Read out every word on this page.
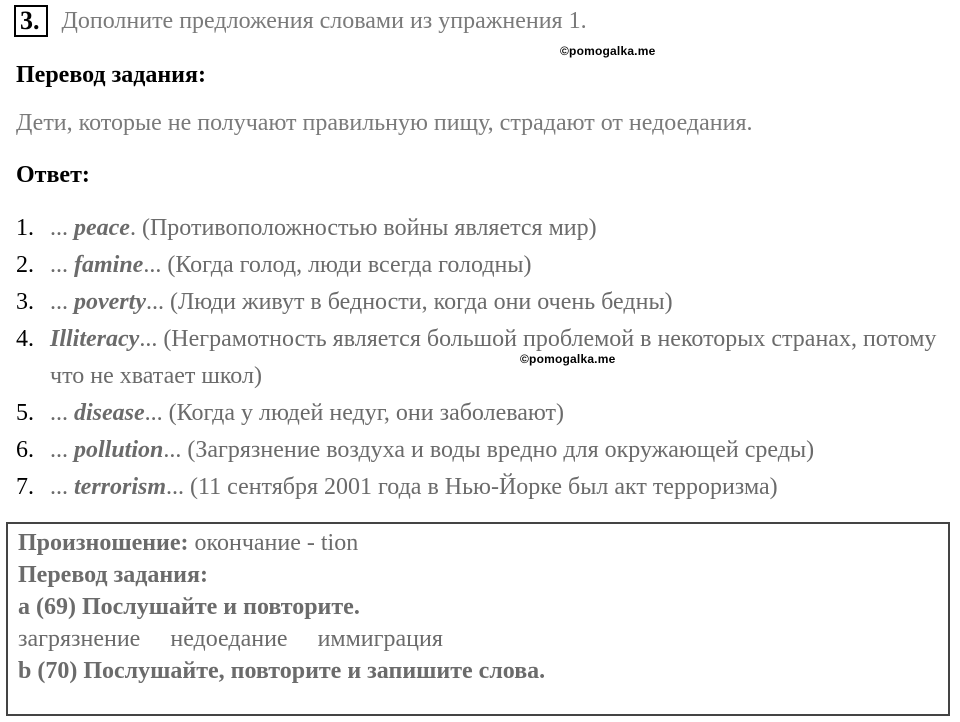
3. Дополните предложения словами из упражнения 1.
©pomogalka.me
Перевод задания:
Дети, которые не получают правильную пищу, страдают от недоедания.
Ответ:
1. ... peace. (Противоположностью войны является мир)
2. ... famine... (Когда голод, люди всегда голодны)
3. ... poverty... (Люди живут в бедности, когда они очень бедны)
4. Illiteracy... (Неграмотность является большой проблемой в некоторых странах, потому что не хватает школ)
5. ... disease... (Когда у людей недуг, они заболевают)
6. ... pollution... (Загрязнение воздуха и воды вредно для окружающей среды)
7. ... terrorism... (11 сентября 2001 года в Нью-Йорке был акт терроризма)
©pomogalka.me
Произношение: окончание - tion
Перевод задания:
a (69) Послушайте и повторите.
загрязнение недоедание иммиграция
b (70) Послушайте, повторите и запишите слова.
